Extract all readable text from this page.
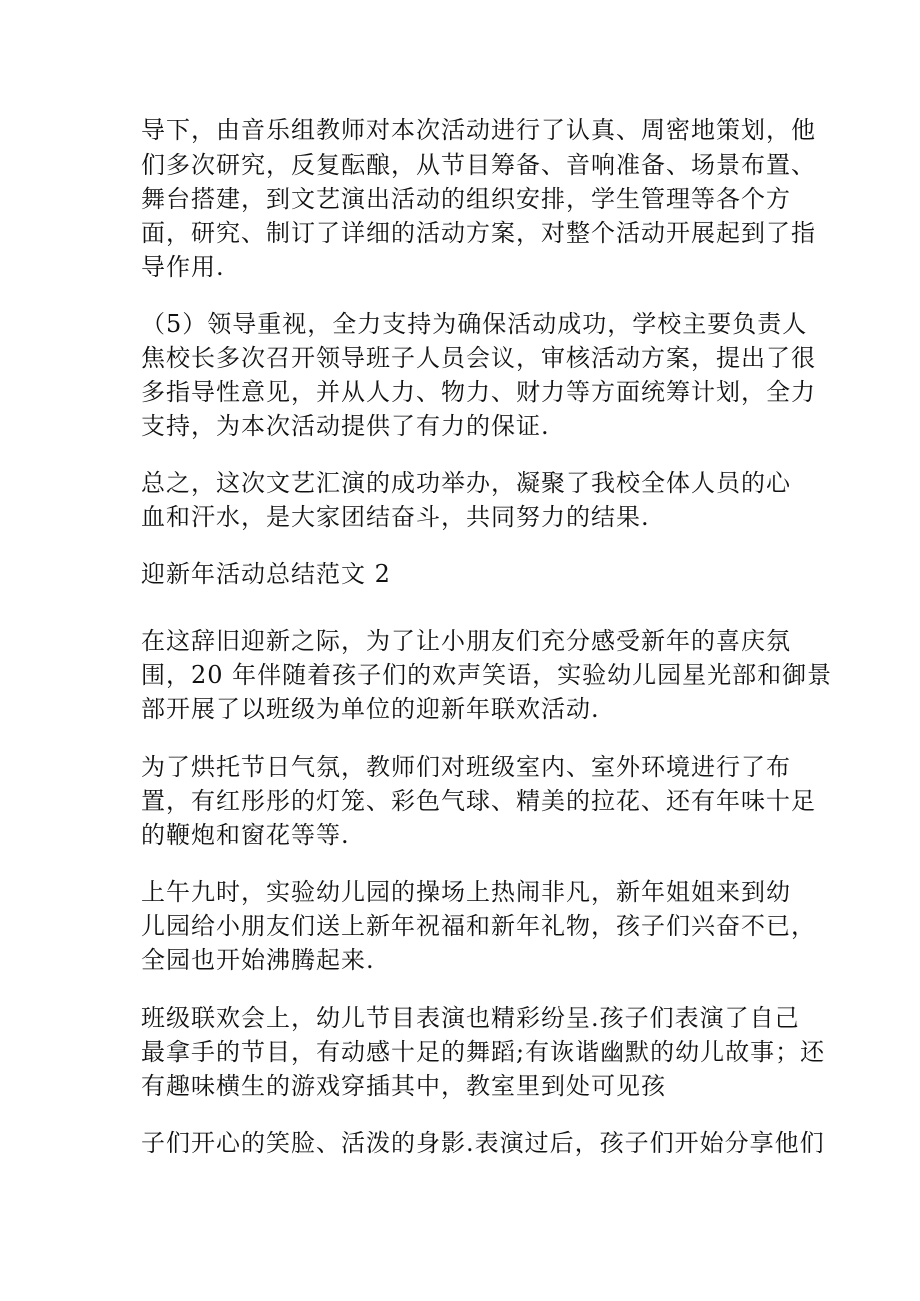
导下，由音乐组教师对本次活动进行了认真、周密地策划，他
们多次研究，反复酝酿，从节目筹备、音响准备、场景布置、
舞台搭建，到文艺演出活动的组织安排，学生管理等各个方
面，研究、制订了详细的活动方案，对整个活动开展起到了指
导作用.
（5）领导重视，全力支持为确保活动成功，学校主要负责人
焦校长多次召开领导班子人员会议，审核活动方案，提出了很
多指导性意见，并从人力、物力、财力等方面统筹计划，全力
支持，为本次活动提供了有力的保证.
总之，这次文艺汇演的成功举办，凝聚了我校全体人员的心
血和汗水，是大家团结奋斗，共同努力的结果.
迎新年活动总结范文 2
在这辞旧迎新之际，为了让小朋友们充分感受新年的喜庆氛
围，20 年伴随着孩子们的欢声笑语，实验幼儿园星光部和御景
部开展了以班级为单位的迎新年联欢活动.
为了烘托节日气氛，教师们对班级室内、室外环境进行了布
置，有红彤彤的灯笼、彩色气球、精美的拉花、还有年味十足
的鞭炮和窗花等等.
上午九时，实验幼儿园的操场上热闹非凡，新年姐姐来到幼
儿园给小朋友们送上新年祝福和新年礼物，孩子们兴奋不已，
全园也开始沸腾起来.
班级联欢会上，幼儿节目表演也精彩纷呈.孩子们表演了自己
最拿手的节目，有动感十足的舞蹈;有诙谐幽默的幼儿故事；还
有趣味横生的游戏穿插其中，教室里到处可见孩
子们开心的笑脸、活泼的身影.表演过后，孩子们开始分享他们
